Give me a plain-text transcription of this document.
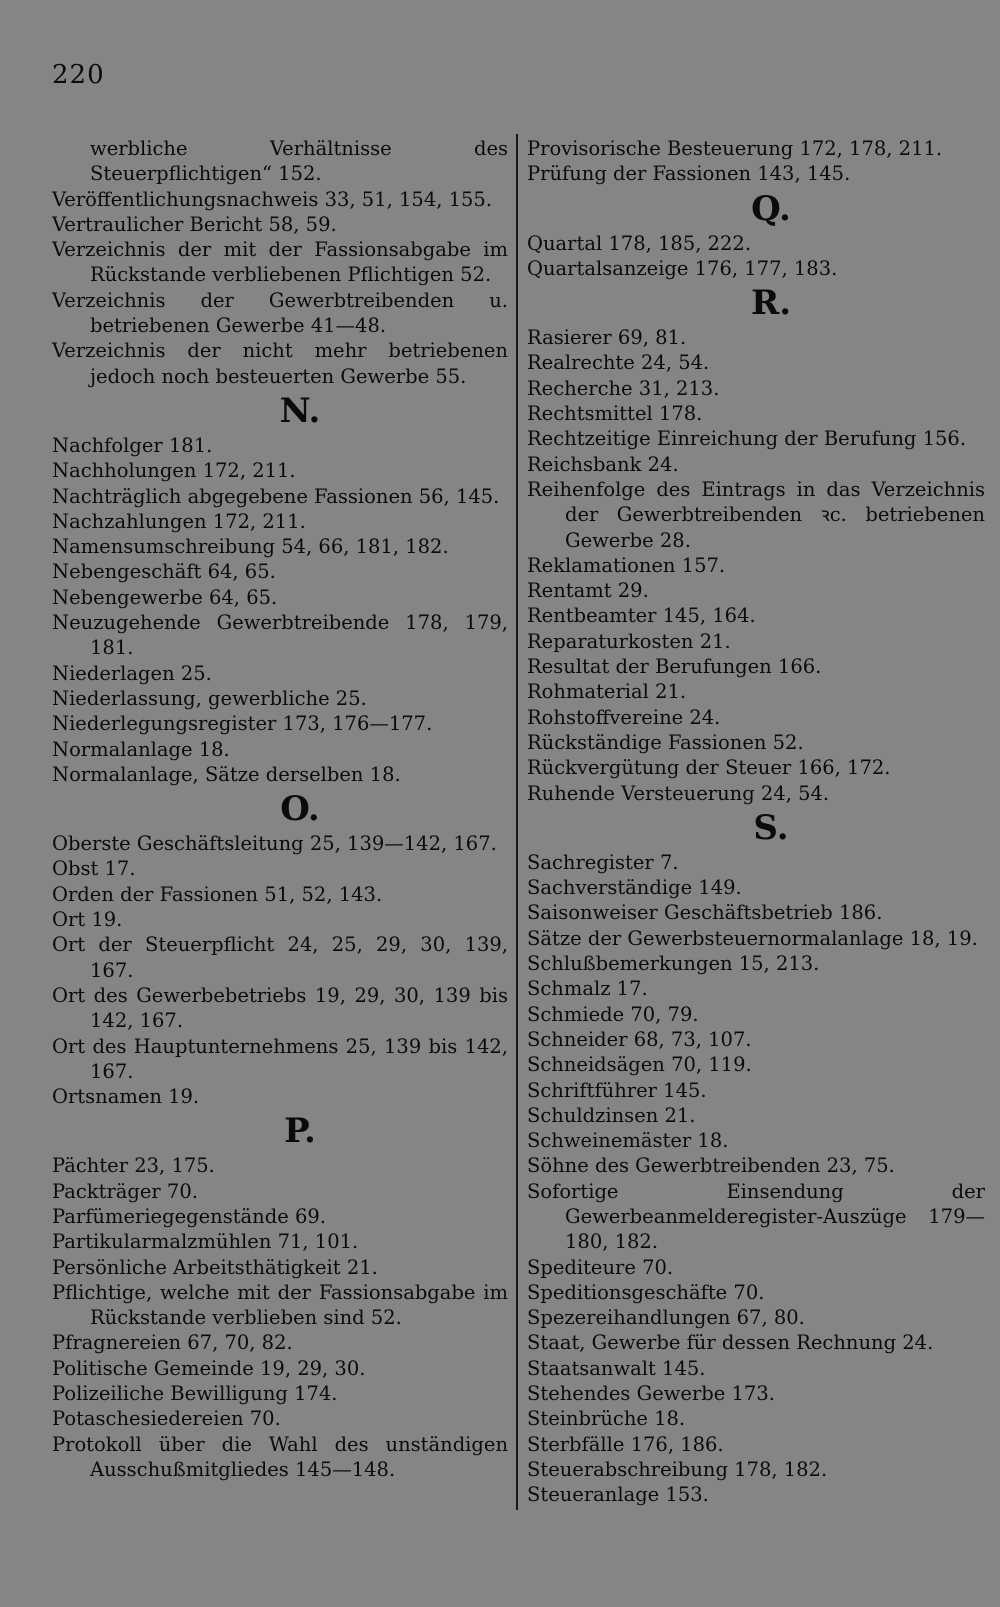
220
werbliche Verhältnisse des Steuerpflichtigen“ 152.
Veröffentlichungsnachweis 33, 51, 154, 155.
Vertraulicher Bericht 58, 59.
Verzeichnis der mit der Fassionsabgabe im Rückstande verbliebenen Pflichtigen 52.
Verzeichnis der Gewerbtreibenden u. betriebenen Gewerbe 41—48.
Verzeichnis der nicht mehr betriebenen jedoch noch besteuerten Gewerbe 55.
N.
Nachfolger 181.
Nachholungen 172, 211.
Nachträglich abgegebene Fassionen 56, 145.
Nachzahlungen 172, 211.
Namensumschreibung 54, 66, 181, 182.
Nebengeschäft 64, 65.
Nebengewerbe 64, 65.
Neuzugehende Gewerbtreibende 178, 179, 181.
Niederlagen 25.
Niederlassung, gewerbliche 25.
Niederlegungsregister 173, 176—177.
Normalanlage 18.
Normalanlage, Sätze derselben 18.
O.
Oberste Geschäftsleitung 25, 139—142, 167.
Obst 17.
Orden der Fassionen 51, 52, 143.
Ort 19.
Ort der Steuerpflicht 24, 25, 29, 30, 139, 167.
Ort des Gewerbebetriebs 19, 29, 30, 139 bis 142, 167.
Ort des Hauptunternehmens 25, 139 bis 142, 167.
Ortsnamen 19.
P.
Pächter 23, 175.
Packträger 70.
Parfümeriegegenstände 69.
Partikularmalzmühlen 71, 101.
Persönliche Arbeitsthätigkeit 21.
Pflichtige, welche mit der Fassionsabgabe im Rückstande verblieben sind 52.
Pfragnereien 67, 70, 82.
Politische Gemeinde 19, 29, 30.
Polizeiliche Bewilligung 174.
Potaschesiedereien 70.
Protokoll über die Wahl des unständigen Ausschußmitgliedes 145—148.
Provisorische Besteuerung 172, 178, 211.
Prüfung der Fassionen 143, 145.
Q.
Quartal 178, 185, 222.
Quartalsanzeige 176, 177, 183.
R.
Rasierer 69, 81.
Realrechte 24, 54.
Recherche 31, 213.
Rechtsmittel 178.
Rechtzeitige Einreichung der Berufung 156.
Reichsbank 24.
Reihenfolge des Eintrags in das Verzeichnis der Gewerbtreibenden ꝛc. betriebenen Gewerbe 28.
Reklamationen 157.
Rentamt 29.
Rentbeamter 145, 164.
Reparaturkosten 21.
Resultat der Berufungen 166.
Rohmaterial 21.
Rohstoffvereine 24.
Rückständige Fassionen 52.
Rückvergütung der Steuer 166, 172.
Ruhende Versteuerung 24, 54.
S.
Sachregister 7.
Sachverständige 149.
Saisonweiser Geschäftsbetrieb 186.
Sätze der Gewerbsteuernormalanlage 18, 19.
Schlußbemerkungen 15, 213.
Schmalz 17.
Schmiede 70, 79.
Schneider 68, 73, 107.
Schneidsägen 70, 119.
Schriftführer 145.
Schuldzinsen 21.
Schweinemäster 18.
Söhne des Gewerbtreibenden 23, 75.
Sofortige Einsendung der Gewerbeanmelderegister-Auszüge 179—180, 182.
Spediteure 70.
Speditionsgeschäfte 70.
Spezereihandlungen 67, 80.
Staat, Gewerbe für dessen Rechnung 24.
Staatsanwalt 145.
Stehendes Gewerbe 173.
Steinbrüche 18.
Sterbfälle 176, 186.
Steuerabschreibung 178, 182.
Steueranlage 153.
